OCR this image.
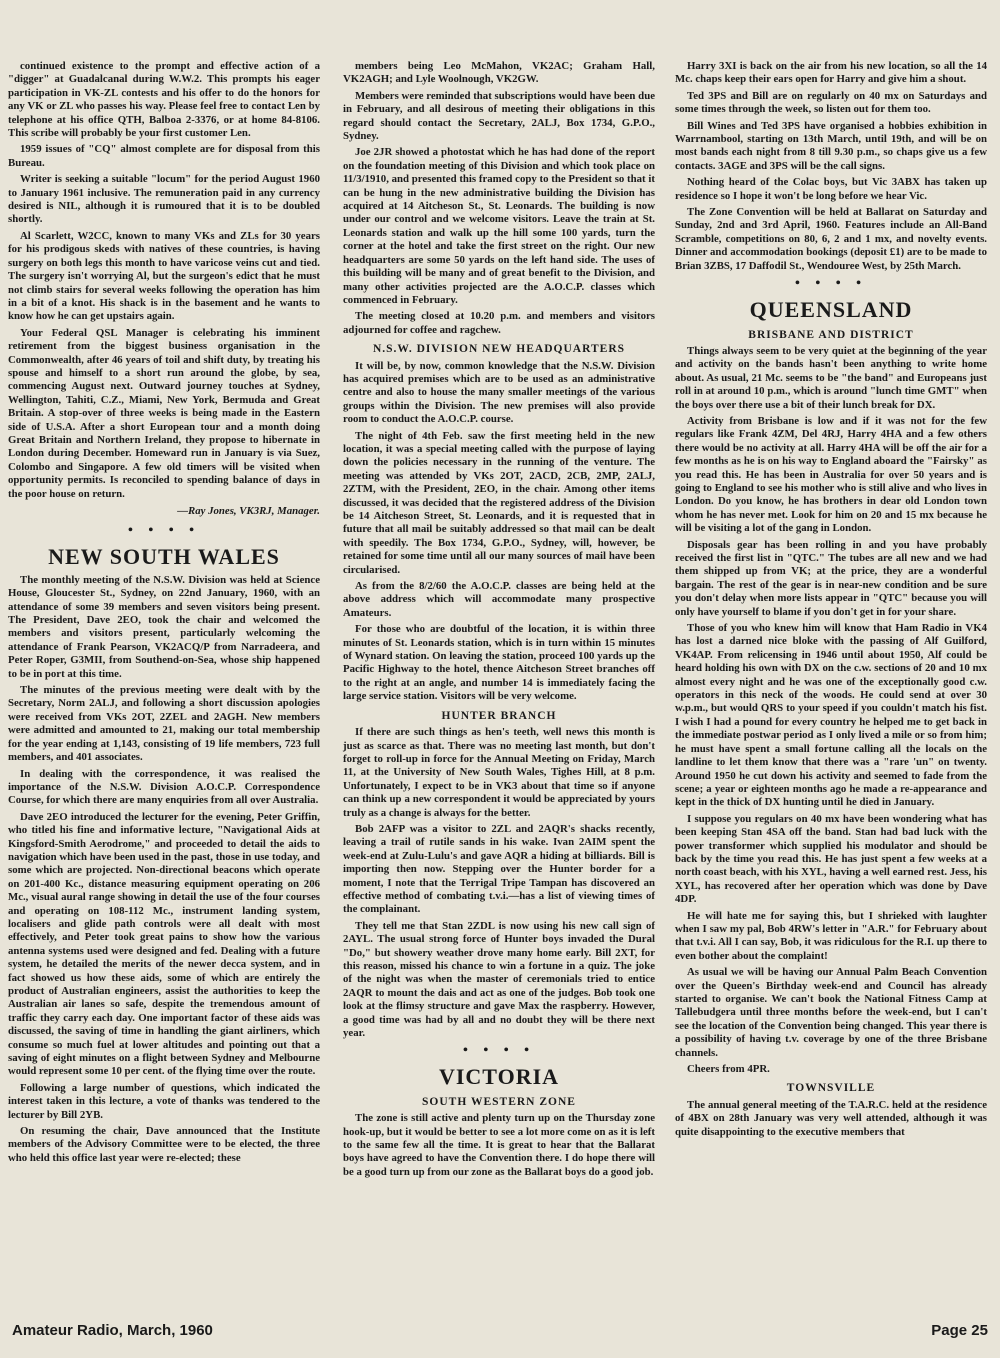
continued existence to the prompt and effective action of a "digger" at Guadalcanal during W.W.2. This prompts his eager participation in VK-ZL contests and his offer to do the honors for any VK or ZL who passes his way. Please feel free to contact Len by telephone at his office QTH, Balboa 2-3376, or at home 84-8106. This scribe will probably be your first customer Len.

1959 issues of "CQ" almost complete are for disposal from this Bureau.

Writer is seeking a suitable "locum" for the period August 1960 to January 1961 inclusive. The remuneration paid in any currency desired is NIL, although it is rumoured that it is to be doubled shortly.

Al Scarlett, W2CC, known to many VKs and ZLs for 30 years for his prodigous skeds with natives of these countries, is having surgery on both legs this month to have varicose veins cut and tied. The surgery isn't worrying Al, but the surgeon's edict that he must not climb stairs for several weeks following the operation has him in a bit of a knot. His shack is in the basement and he wants to know how he can get upstairs again.

Your Federal QSL Manager is celebrating his imminent retirement from the biggest business organisation in the Commonwealth, after 46 years of toil and shift duty, by treating his spouse and himself to a short run around the globe, by sea, commencing August next. Outward journey touches at Sydney, Wellington, Tahiti, C.Z., Miami, New York, Bermuda and Great Britain. A stop-over of three weeks is being made in the Eastern side of U.S.A. After a short European tour and a month doing Great Britain and Northern Ireland, they propose to hibernate in London during December. Homeward run in January is via Suez, Colombo and Singapore. A few old timers will be visited when opportunity permits. Is reconciled to spending balance of days in the poor house on return.

—Ray Jones, VK3RJ, Manager.
• • • •
NEW SOUTH WALES

The monthly meeting of the N.S.W. Division was held at Science House, Gloucester St., Sydney, on 22nd January, 1960, with an attendance of some 39 members and seven visitors being present. The President, Dave 2EO, took the chair and welcomed the members and visitors present, particularly welcoming the attendance of Frank Pearson, VK2ACQ/P from Narradeera, and Peter Roper, G3MII, from Southend-on-Sea, whose ship happened to be in port at this time.

The minutes of the previous meeting were dealt with by the Secretary, Norm 2ALJ, and following a short discussion apologies were received from VKs 2OT, 2ZEL and 2AGH. New members were admitted and amounted to 21, making our total membership for the year ending at 1,143, consisting of 19 life members, 723 full members, and 401 associates.

In dealing with the correspondence, it was realised the importance of the N.S.W. Division A.O.C.P. Correspondence Course, for which there are many enquiries from all over Australia.

Dave 2EO introduced the lecturer for the evening, Peter Griffin, who titled his fine and informative lecture, "Navigational Aids at Kingsford-Smith Aerodrome," and proceeded to detail the aids to navigation which have been used in the past, those in use today, and some which are projected. Non-directional beacons which operate on 201-400 Kc., distance measuring equipment operating on 206 Mc., visual aural range showing in detail the use of the four courses and operating on 108-112 Mc., instrument landing system, localisers and glide path controls were all dealt with most effectively, and Peter took great pains to show how the various antenna systems used were designed and fed. Dealing with a future system, he detailed the merits of the newer decca system, and in fact showed us how these aids, some of which are entirely the product of Australian engineers, assist the authorities to keep the Australian air lanes so safe, despite the tremendous amount of traffic they carry each day. One important factor of these aids was discussed, the saving of time in handling the giant airliners, which consume so much fuel at lower altitudes and pointing out that a saving of eight minutes on a flight between Sydney and Melbourne would represent some 10 per cent. of the flying time over the route.

Following a large number of questions, which indicated the interest taken in this lecture, a vote of thanks was tendered to the lecturer by Bill 2YB.

On resuming the chair, Dave announced that the Institute members of the Advisory Committee were to be elected, the three who held this office last year were re-elected; these

members being Leo McMahon, VK2AC; Graham Hall, VK2AGH; and Lyle Woolnough, VK2GW.

Members were reminded that subscriptions would have been due in February, and all desirous of meeting their obligations in this regard should contact the Secretary, 2ALJ, Box 1734, G.P.O., Sydney.

Joe 2JR showed a photostat which he has had done of the report on the foundation meeting of this Division and which took place on 11/3/1910, and presented this framed copy to the President so that it can be hung in the new administrative building the Division has acquired at 14 Aitcheson St., St. Leonards. The building is now under our control and we welcome visitors. Leave the train at St. Leonards station and walk up the hill some 100 yards, turn the corner at the hotel and take the first street on the right. Our new headquarters are some 50 yards on the left hand side. The uses of this building will be many and of great benefit to the Division, and many other activities projected are the A.O.C.P. classes which commenced in February.

The meeting closed at 10.20 p.m. and members and visitors adjourned for coffee and ragchew.

N.S.W. DIVISION NEW HEADQUARTERS

It will be, by now, common knowledge that the N.S.W. Division has acquired premises which are to be used as an administrative centre and also to house the many smaller meetings of the various groups within the Division. The new premises will also provide room to conduct the A.O.C.P. course.

The night of 4th Feb. saw the first meeting held in the new location, it was a special meeting called with the purpose of laying down the policies necessary in the running of the venture. The meeting was attended by VKs 2OT, 2ACD, 2CB, 2MP, 2ALJ, 2ZTM, with the President, 2EO, in the chair. Among other items discussed, it was decided that the registered address of the Division be 14 Aitcheson Street, St. Leonards, and it is requested that in future that all mail be suitably addressed so that mail can be dealt with speedily. The Box 1734, G.P.O., Sydney, will, however, be retained for some time until all our many sources of mail have been circularised.

As from the 8/2/60 the A.O.C.P. classes are being held at the above address which will accommodate many prospective Amateurs.

For those who are doubtful of the location, it is within three minutes of St. Leonards station, which is in turn within 15 minutes of Wynard station. On leaving the station, proceed 100 yards up the Pacific Highway to the hotel, thence Aitcheson Street branches off to the right at an angle, and number 14 is immediately facing the large service station. Visitors will be very welcome.

HUNTER BRANCH

If there are such things as hen's teeth, well news this month is just as scarce as that. There was no meeting last month, but don't forget to roll-up in force for the Annual Meeting on Friday, March 11, at the University of New South Wales, Tighes Hill, at 8 p.m. Unfortunately, I expect to be in VK3 about that time so if anyone can think up a new correspondent it would be appreciated by yours truly as a change is always for the better.

Bob 2AFP was a visitor to 2ZL and 2AQR's shacks recently, leaving a trail of rutile sands in his wake. Ivan 2AIM spent the week-end at Zulu-Lulu's and gave AQR a hiding at billiards. Bill is importing then now. Stepping over the Hunter border for a moment, I note that the Terrigal Tripe Tampan has discovered an effective method of combating t.v.i.—has a list of viewing times of the complainant.

They tell me that Stan 2ZDL is now using his new call sign of 2AYL. The usual strong force of Hunter boys invaded the Dural "Do," but showery weather drove many home early. Bill 2XT, for this reason, missed his chance to win a fortune in a quiz. The joke of the night was when the master of ceremonials tried to entice 2AQR to mount the dais and act as one of the judges. Bob took one look at the flimsy structure and gave Max the raspberry. However, a good time was had by all and no doubt they will be there next year.

• • • •
VICTORIA
SOUTH WESTERN ZONE

The zone is still active and plenty turn up on the Thursday zone hook-up, but it would be better to see a lot more come on as it is left to the same few all the time. It is great to hear that the Ballarat boys have agreed to have the Convention there. I do hope there will be a good turn up from our zone as the Ballarat boys do a good job.

Harry 3XI is back on the air from his new location, so all the 14 Mc. chaps keep their ears open for Harry and give him a shout.

Ted 3PS and Bill are on regularly on 40 mx on Saturdays and some times through the week, so listen out for them too.

Bill Wines and Ted 3PS have organised a hobbies exhibition in Warrnambool, starting on 13th March, until 19th, and will be on most bands each night from 8 till 9.30 p.m., so chaps give us a few contacts. 3AGE and 3PS will be the call signs.

Nothing heard of the Colac boys, but Vic 3ABX has taken up residence so I hope it won't be long before we hear Vic.

The Zone Convention will be held at Ballarat on Saturday and Sunday, 2nd and 3rd April, 1960. Features include an All-Band Scramble, competitions on 80, 6, 2 and 1 mx, and novelty events. Dinner and accommodation bookings (deposit £1) are to be made to Brian 3ZBS, 17 Daffodil St., Wendouree West, by 25th March.

• • • •
QUEENSLAND
BRISBANE AND DISTRICT

Things always seem to be very quiet at the beginning of the year and activity on the bands hasn't been anything to write home about. As usual, 21 Mc. seems to be "the band" and Europeans just roll in at around 10 p.m., which is around "lunch time GMT" when the boys over there use a bit of their lunch break for DX.

Activity from Brisbane is low and if it was not for the few regulars like Frank 4ZM, Del 4RJ, Harry 4HA and a few others there would be no activity at all. Harry 4HA will be off the air for a few months as he is on his way to England aboard the "Fairsky" as you read this. He has been in Australia for over 50 years and is going to England to see his mother who is still alive and who lives in London. Do you know, he has brothers in dear old London town whom he has never met. Look for him on 20 and 15 mx because he will be visiting a lot of the gang in London.

Disposals gear has been rolling in and you have probably received the first list in "QTC." The tubes are all new and we had them shipped up from VK; at the price, they are a wonderful bargain. The rest of the gear is in near-new condition and be sure you don't delay when more lists appear in "QTC" because you will only have yourself to blame if you don't get in for your share.

Those of you who knew him will know that Ham Radio in VK4 has lost a darned nice bloke with the passing of Alf Guilford, VK4AP. From relicensing in 1946 until about 1950, Alf could be heard holding his own with DX on the c.w. sections of 20 and 10 mx almost every night and he was one of the exceptionally good c.w. operators in this neck of the woods. He could send at over 30 w.p.m., but would QRS to your speed if you couldn't match his fist. I wish I had a pound for every country he helped me to get back in the immediate postwar period as I only lived a mile or so from him; he must have spent a small fortune calling all the locals on the landline to let them know that there was a "rare 'un" on twenty. Around 1950 he cut down his activity and seemed to fade from the scene; a year or eighteen months ago he made a re-appearance and kept in the thick of DX hunting until he died in January.

I suppose you regulars on 40 mx have been wondering what has been keeping Stan 4SA off the band. Stan had bad luck with the power transformer which supplied his modulator and should be back by the time you read this. He has just spent a few weeks at a north coast beach, with his XYL, having a well earned rest. Jess, his XYL, has recovered after her operation which was done by Dave 4DP.

He will hate me for saying this, but I shrieked with laughter when I saw my pal, Bob 4RW's letter in "A.R." for February about that t.v.i. All I can say, Bob, it was ridiculous for the R.I. up there to even bother about the complaint!

As usual we will be having our Annual Palm Beach Convention over the Queen's Birthday week-end and Council has already started to organise. We can't book the National Fitness Camp at Tallebudgera until three months before the week-end, but I can't see the location of the Convention being changed. This year there is a possibility of having t.v. coverage by one of the three Brisbane channels.

Cheers from 4PR.

TOWNSVILLE

The annual general meeting of the T.A.R.C. held at the residence of 4BX on 28th January was very well attended, although it was quite disappointing to the executive members that

Amateur Radio, March, 1960	Page 25
